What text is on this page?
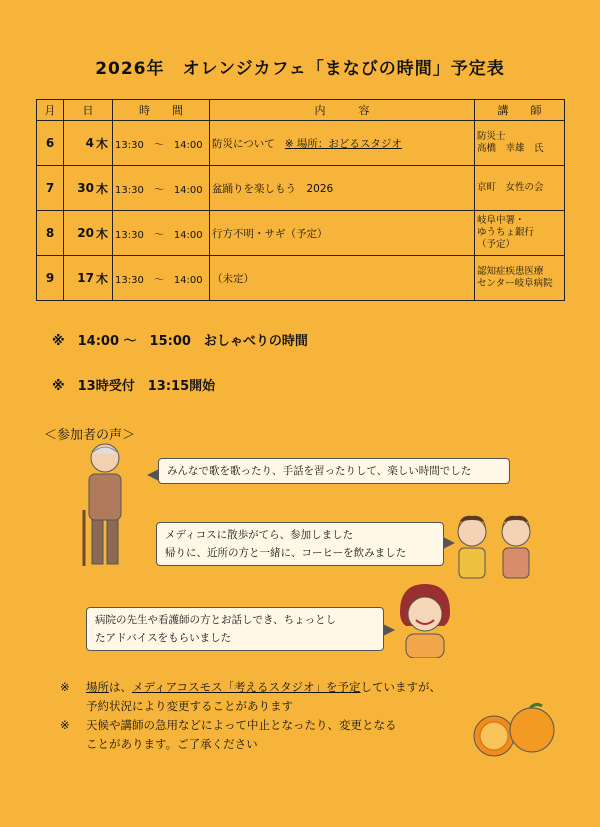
2026年　オレンジカフェ「まなびの時間」予定表
月	日		時　　間	内　　　容	講　　師
6	4	木	13:30　～　14:00	防災について ※ 場所：おどるスタジオ	防災士
高橋　幸雄　氏

7	30	木	13:30　～　14:00	盆踊りを楽しもう　2026	京町　女性の会

8	20	木	13:30　～　14:00	行方不明・サギ（予定）	岐阜中署・
ゆうちょ銀行
（予定）

9	17	木	13:30　～　14:00	（未定）	認知症疾患医療
センター岐阜病院
※　14:00 ～　15:00　おしゃべりの時間
※　13時受付　13:15開始
＜参加者の声＞
みんなで歌を歌ったり、手話を習ったりして、楽しい時間でした
メディコスに散歩がてら、参加しました
帰りに、近所の方と一緒に、コーヒーを飲みました
病院の先生や看護師の方とお話しでき、ちょっとし
たアドバイスをもらいました
※	場所は、メディアコスモス「考えるスタジオ」を予定していますが、
予約状況により変更することがあります
※	天候や講師の急用などによって中止となったり、変更となる
ことがあります。ご了承ください
